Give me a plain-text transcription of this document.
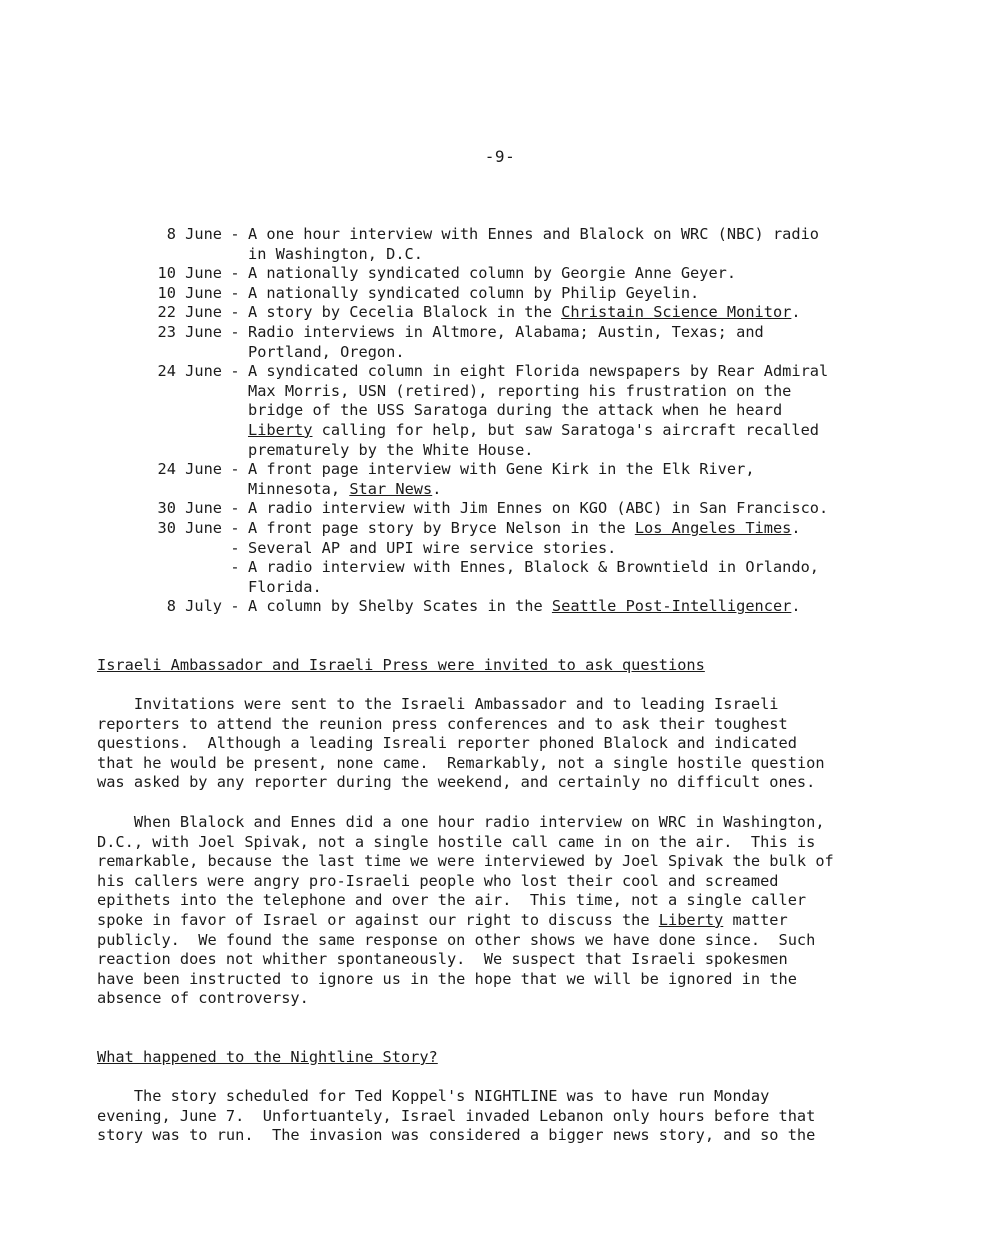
-9-
8 June - A one hour interview with Ennes and Blalock on WRC (NBC) radio
in Washington, D.C.
10 June - A nationally syndicated column by Georgie Anne Geyer.
10 June - A nationally syndicated column by Philip Geyelin.
22 June - A story by Cecelia Blalock in the Christain Science Monitor.
23 June - Radio interviews in Altmore, Alabama; Austin, Texas; and
Portland, Oregon.
24 June - A syndicated column in eight Florida newspapers by Rear Admiral
Max Morris, USN (retired), reporting his frustration on the
bridge of the USS Saratoga during the attack when he heard
Liberty calling for help, but saw Saratoga's aircraft recalled
prematurely by the White House.
24 June - A front page interview with Gene Kirk in the Elk River,
Minnesota, Star News.
30 June - A radio interview with Jim Ennes on KGO (ABC) in San Francisco.
30 June - A front page story by Bryce Nelson in the Los Angeles Times.
- Several AP and UPI wire service stories.
- A radio interview with Ennes, Blalock & Browntield in Orlando,
Florida.
8 July - A column by Shelby Scates in the Seattle Post-Intelligencer.
Israeli Ambassador and Israeli Press were invited to ask questions
Invitations were sent to the Israeli Ambassador and to leading Israeli
reporters to attend the reunion press conferences and to ask their toughest
questions.  Although a leading Isreali reporter phoned Blalock and indicated
that he would be present, none came.  Remarkably, not a single hostile question
was asked by any reporter during the weekend, and certainly no difficult ones.
When Blalock and Ennes did a one hour radio interview on WRC in Washington,
D.C., with Joel Spivak, not a single hostile call came in on the air.  This is
remarkable, because the last time we were interviewed by Joel Spivak the bulk of
his callers were angry pro-Israeli people who lost their cool and screamed
epithets into the telephone and over the air.  This time, not a single caller
spoke in favor of Israel or against our right to discuss the Liberty matter
publicly.  We found the same response on other shows we have done since.  Such
reaction does not whither spontaneously.  We suspect that Israeli spokesmen
have been instructed to ignore us in the hope that we will be ignored in the
absence of controversy.
What happened to the Nightline Story?
The story scheduled for Ted Koppel's NIGHTLINE was to have run Monday
evening, June 7.  Unfortuantely, Israel invaded Lebanon only hours before that
story was to run.  The invasion was considered a bigger news story, and so the
